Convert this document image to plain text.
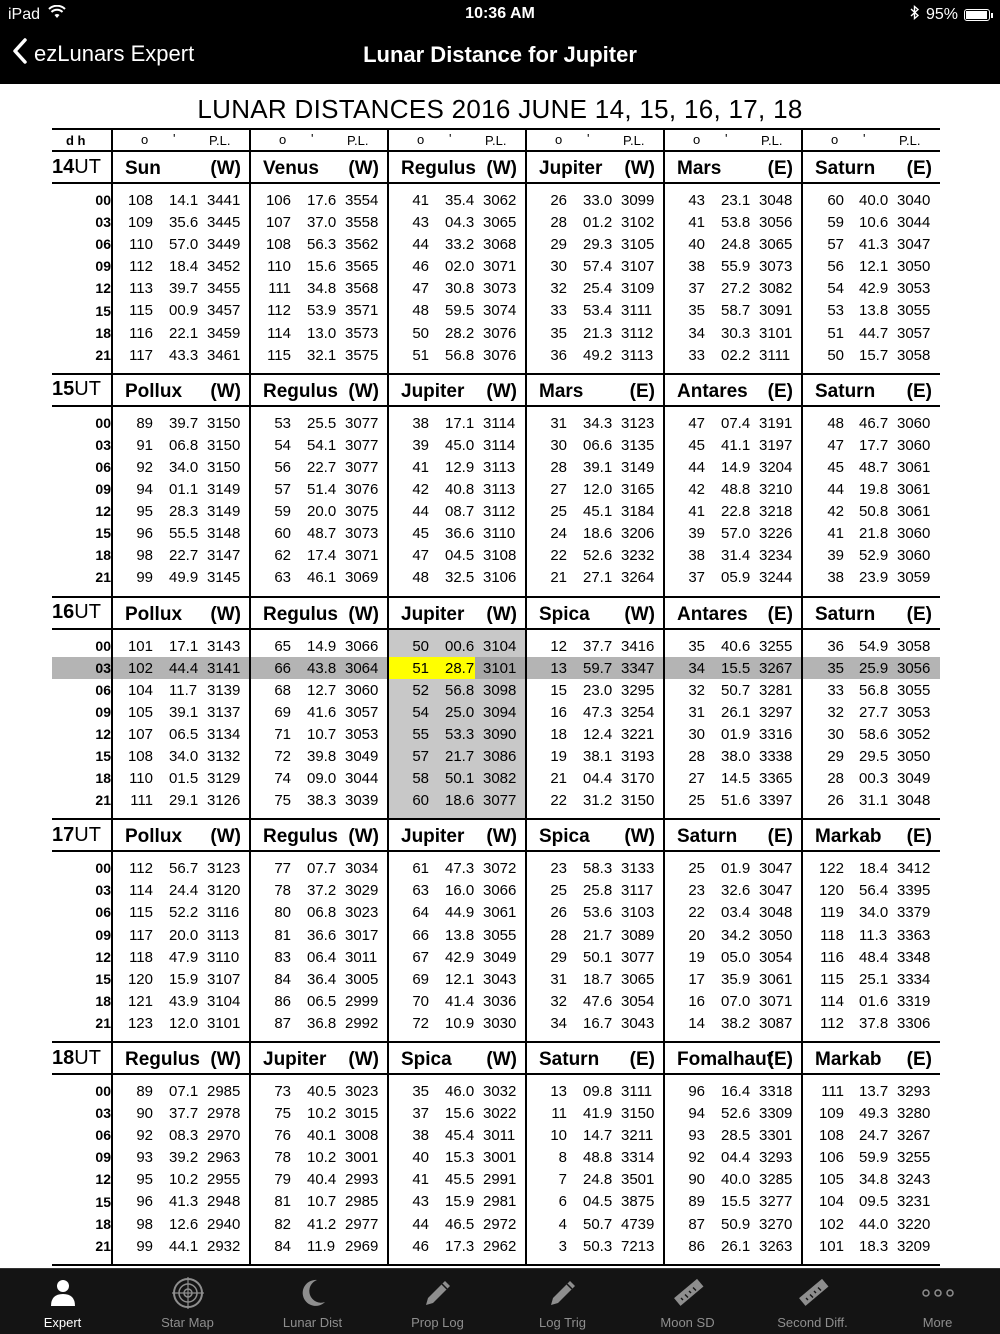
iPad	10:36 AM	95%
ezLunars Expert	Lunar Distance for Jupiter
LUNAR DISTANCES 2016 JUNE 14, 15, 16, 17, 18
d h	o ' P.L.	o ' P.L.	o ' P.L.	o ' P.L.	o ' P.L.	o ' P.L.

14UT	Sun (W)	Venus (W)	Regulus (W)	Jupiter (W)	Mars (E)	Saturn (E)

00	108 14.1 3441	106 17.6 3554	41 35.4 3062	26 33.0 3099	43 23.1 3048	60 40.0 3040

03	109 35.6 3445	107 37.0 3558	43 04.3 3065	28 01.2 3102	41 53.8 3056	59 10.6 3044

06	110 57.0 3449	108 56.3 3562	44 33.2 3068	29 29.3 3105	40 24.8 3065	57 41.3 3047

09	112 18.4 3452	110 15.6 3565	46 02.0 3071	30 57.4 3107	38 55.9 3073	56 12.1 3050

12	113 39.7 3455	111 34.8 3568	47 30.8 3073	32 25.4 3109	37 27.2 3082	54 42.9 3053

15	115 00.9 3457	112 53.9 3571	48 59.5 3074	33 53.4 3111	35 58.7 3091	53 13.8 3055

18	116 22.1 3459	114 13.0 3573	50 28.2 3076	35 21.3 3112	34 30.3 3101	51 44.7 3057

21	117 43.3 3461	115 32.1 3575	51 56.8 3076	36 49.2 3113	33 02.2 3111	50 15.7 3058

15UT	Pollux (W)	Regulus (W)	Jupiter (W)	Mars (E)	Antares (E)	Saturn (E)

00	89 39.7 3150	53 25.5 3077	38 17.1 3114	31 34.3 3123	47 07.4 3191	48 46.7 3060

03	91 06.8 3150	54 54.1 3077	39 45.0 3114	30 06.6 3135	45 41.1 3197	47 17.7 3060

06	92 34.0 3150	56 22.7 3077	41 12.9 3113	28 39.1 3149	44 14.9 3204	45 48.7 3061

09	94 01.1 3149	57 51.4 3076	42 40.8 3113	27 12.0 3165	42 48.8 3210	44 19.8 3061

12	95 28.3 3149	59 20.0 3075	44 08.7 3112	25 45.1 3184	41 22.8 3218	42 50.8 3061

15	96 55.5 3148	60 48.7 3073	45 36.6 3110	24 18.6 3206	39 57.0 3226	41 21.8 3060

18	98 22.7 3147	62 17.4 3071	47 04.5 3108	22 52.6 3232	38 31.4 3234	39 52.9 3060

21	99 49.9 3145	63 46.1 3069	48 32.5 3106	21 27.1 3264	37 05.9 3244	38 23.9 3059

16UT	Pollux (W)	Regulus (W)	Jupiter (W)	Spica (W)	Antares (E)	Saturn (E)

00	101 17.1 3143	65 14.9 3066	50 00.6 3104	12 37.7 3416	35 40.6 3255	36 54.9 3058

03	102 44.4 3141	66 43.8 3064	51 28.7 3101	13 59.7 3347	34 15.5 3267	35 25.9 3056

06	104 11.7 3139	68 12.7 3060	52 56.8 3098	15 23.0 3295	32 50.7 3281	33 56.8 3055

09	105 39.1 3137	69 41.6 3057	54 25.0 3094	16 47.3 3254	31 26.1 3297	32 27.7 3053

12	107 06.5 3134	71 10.7 3053	55 53.3 3090	18 12.4 3221	30 01.9 3316	30 58.6 3052

15	108 34.0 3132	72 39.8 3049	57 21.7 3086	19 38.1 3193	28 38.0 3338	29 29.5 3050

18	110 01.5 3129	74 09.0 3044	58 50.1 3082	21 04.4 3170	27 14.5 3365	28 00.3 3049

21	111 29.1 3126	75 38.3 3039	60 18.6 3077	22 31.2 3150	25 51.6 3397	26 31.1 3048

17UT	Pollux (W)	Regulus (W)	Jupiter (W)	Spica (W)	Saturn (E)	Markab (E)

00	112 56.7 3123	77 07.7 3034	61 47.3 3072	23 58.3 3133	25 01.9 3047	122 18.4 3412

03	114 24.4 3120	78 37.2 3029	63 16.0 3066	25 25.8 3117	23 32.6 3047	120 56.4 3395

06	115 52.2 3116	80 06.8 3023	64 44.9 3061	26 53.6 3103	22 03.4 3048	119 34.0 3379

09	117 20.0 3113	81 36.6 3017	66 13.8 3055	28 21.7 3089	20 34.2 3050	118 11.3 3363

12	118 47.9 3110	83 06.4 3011	67 42.9 3049	29 50.1 3077	19 05.0 3054	116 48.4 3348

15	120 15.9 3107	84 36.4 3005	69 12.1 3043	31 18.7 3065	17 35.9 3061	115 25.1 3334

18	121 43.9 3104	86 06.5 2999	70 41.4 3036	32 47.6 3054	16 07.0 3071	114 01.6 3319

21	123 12.0 3101	87 36.8 2992	72 10.9 3030	34 16.7 3043	14 38.2 3087	112 37.8 3306

18UT	Regulus (W)	Jupiter (W)	Spica (W)	Saturn (E)	Fomalhaut
(E)	Markab (E)

00	89 07.1 2985	73 40.5 3023	35 46.0 3032	13 09.8 3111	96 16.4 3318	111 13.7 3293

03	90 37.7 2978	75 10.2 3015	37 15.6 3022	11 41.9 3150	94 52.6 3309	109 49.3 3280

06	92 08.3 2970	76 40.1 3008	38 45.4 3011	10 14.7 3211	93 28.5 3301	108 24.7 3267

09	93 39.2 2963	78 10.2 3001	40 15.3 3001	8 48.8 3314	92 04.4 3293	106 59.9 3255

12	95 10.2 2955	79 40.4 2993	41 45.5 2991	7 24.8 3501	90 40.0 3285	105 34.8 3243

15	96 41.3 2948	81 10.7 2985	43 15.9 2981	6 04.5 3875	89 15.5 3277	104 09.5 3231

18	98 12.6 2940	82 41.2 2977	44 46.5 2972	4 50.7 4739	87 50.9 3270	102 44.0 3220

21	99 44.1 2932	84 11.9 2969	46 17.3 2962	3 50.3 7213	86 26.1 3263	101 18.3 3209

Expert	Star Map	Lunar Dist	Prop Log	Log Trig	Moon SD	Second Diff.	More
